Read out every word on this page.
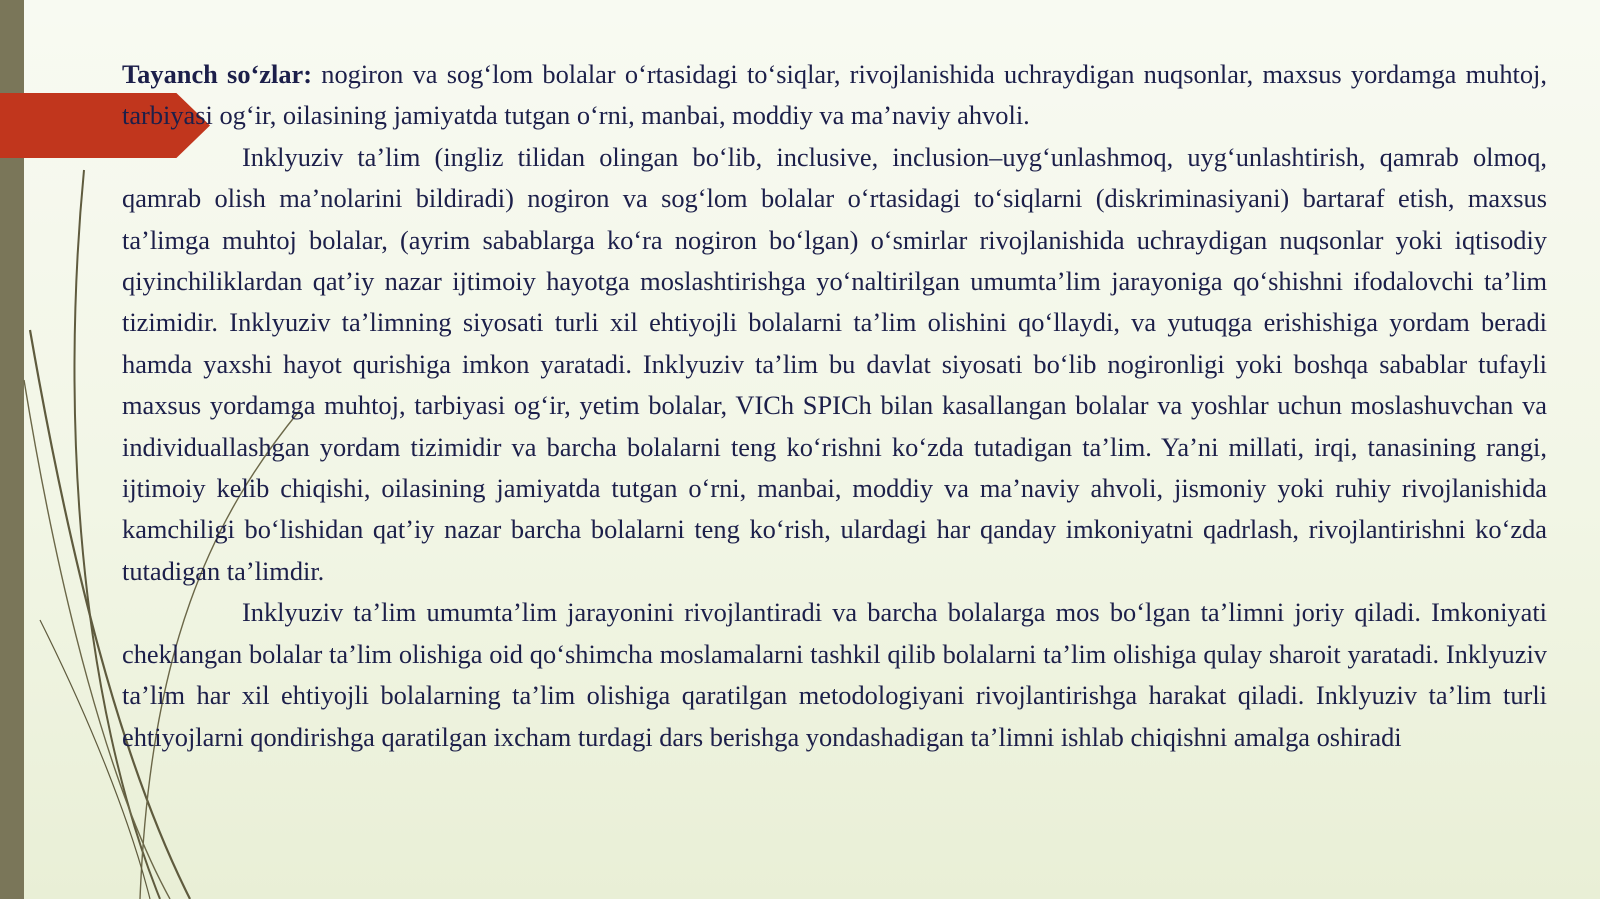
Tayanch so‘zlar: nogiron va sog‘lom bolalar o‘rtasidagi to‘siqlar, rivojlanishida uchraydigan nuqsonlar, maxsus yordamga muhtoj, tarbiyasi og‘ir, oilasining jamiyatda tutgan o‘rni, manbai, moddiy va ma’naviy ahvoli.

Inklyuziv ta’lim (ingliz tilidan olingan bo‘lib, inclusive, inclusion–uyg‘unlashmoq, uyg‘unlashtirish, qamrab olmoq, qamrab olish ma’nolarini bildiradi) nogiron va sog‘lom bolalar o‘rtasidagi to‘siqlarni (diskriminasiyani) bartaraf etish, maxsus ta’limga muhtoj bolalar, (ayrim sabablarga ko‘ra nogiron bo‘lgan) o‘smirlar rivojlanishida uchraydigan nuqsonlar yoki iqtisodiy qiyinchiliklardan qat’iy nazar ijtimoiy hayotga moslashtirishga yo‘naltirilgan umumta’lim jarayoniga qo‘shishni ifodalovchi ta’lim tizimidir. Inklyuziv ta’limning siyosati turli xil ehtiyojli bolalarni ta’lim olishini qo‘llaydi, va yutuqga erishishiga yordam beradi hamda yaxshi hayot qurishiga imkon yaratadi. Inklyuziv ta’lim bu davlat siyosati bo‘lib nogironligi yoki boshqa sabablar tufayli maxsus yordamga muhtoj, tarbiyasi og‘ir, yetim bolalar, VICh SPICh bilan kasallangan bolalar va yoshlar uchun moslashuvchan va individuallashgan yordam tizimidir va barcha bolalarni teng ko‘rishni ko‘zda tutadigan ta’lim. Ya’ni millati, irqi, tanasining rangi, ijtimoiy kelib chiqishi, oilasining jamiyatda tutgan o‘rni, manbai, moddiy va ma’naviy ahvoli, jismoniy yoki ruhiy rivojlanishida kamchiligi bo‘lishidan qat’iy nazar barcha bolalarni teng ko‘rish, ulardagi har qanday imkoniyatni qadrlash, rivojlantirishni ko‘zda tutadigan ta’limdir.

Inklyuziv ta’lim umumta’lim jarayonini rivojlantiradi va barcha bolalarga mos bo‘lgan ta’limni joriy qiladi. Imkoniyati cheklangan bolalar ta’lim olishiga oid qo‘shimcha moslamalarni tashkil qilib bolalarni ta’lim olishiga qulay sharoit yaratadi. Inklyuziv ta’lim har xil ehtiyojli bolalarning ta’lim olishiga qaratilgan metodologiyani rivojlantirishga harakat qiladi. Inklyuziv ta’lim turli ehtiyojlarni qondirishga qaratilgan ixcham turdagi dars berishga yondashadigan ta’limni ishlab chiqishni amalga oshiradi
